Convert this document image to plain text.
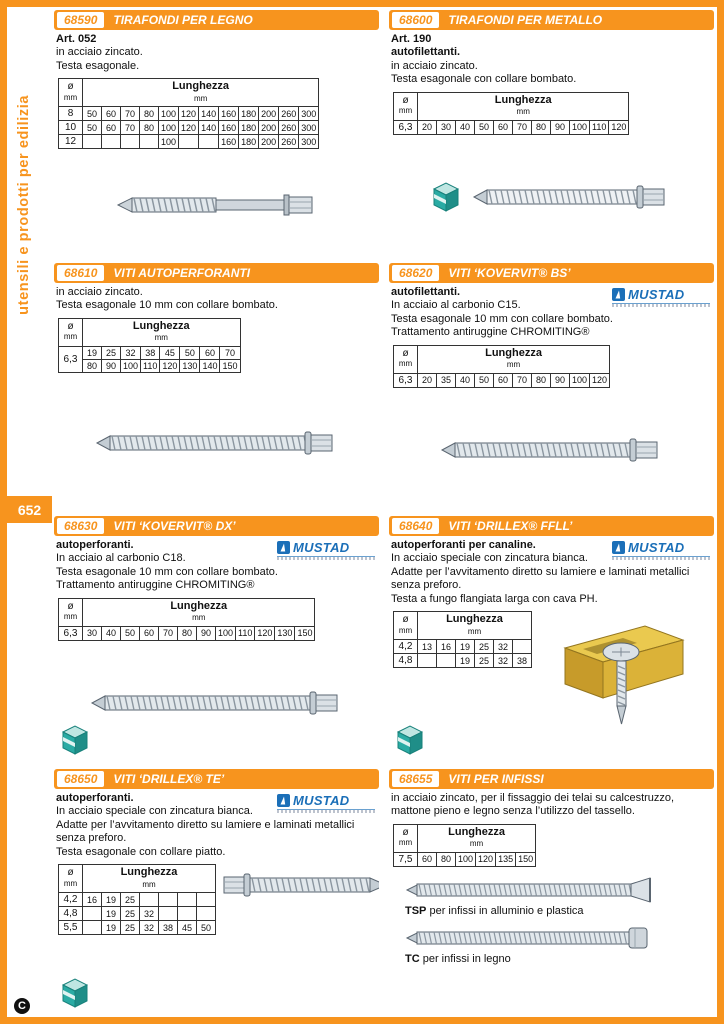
utensili e prodotti per edilizia
652
C
68590	TIRAFONDI PER LEGNO
Art. 052
in acciaio zincato.
Testa esagonale.
ø
mm	Lunghezza
mm											
8	50	60	70	80	100	120	140	160	180	200	260	300
10	50	60	70	80	100	120	140	160	180	200	260	300
12					100			160	180	200	260	300
68600	TIRAFONDI PER METALLO
Art. 190
autofilettanti.
in acciaio zincato.
Testa esagonale con collare bombato.
ø
mm	Lunghezza
mm										
6,3	20	30	40	50	60	70	80	90	100	110	120
68610	VITI AUTOPERFORANTI
in acciaio zincato.
Testa esagonale 10 mm con collare bombato.
ø
mm	Lunghezza
mm							
6,3	19	25	32	38	45	50	60	70
	80	90	100	110	120	130	140	150
68620	VITI ‘KOVERVIT® BS’
autofilettanti.
In acciaio al carbonio C15.
Testa esagonale 10 mm con collare bombato.
Trattamento antiruggine CHROMITING®
MUSTAD
ø
mm	Lunghezza
mm									
6,3	20	35	40	50	60	70	80	90	100	120
68630	VITI ‘KOVERVIT® DX’
autoperforanti.
In acciaio al carbonio C18.
Testa esagonale 10 mm con collare bombato.
Trattamento antiruggine CHROMITING®
MUSTAD
ø
mm	Lunghezza
mm											
6,3	30	40	50	60	70	80	90	100	110	120	130	150
68640	VITI ‘DRILLEX® FFLL’
autoperforanti per canaline.
In acciaio speciale con zincatura bianca.
Adatte per l’avvitamento diretto su lamiere e laminati metallici senza preforo.
Testa a fungo flangiata larga con cava PH.
MUSTAD
ø
mm	Lunghezza
mm					
4,2	13	16	19	25	32	
4,8			19	25	32	38
68650	VITI ‘DRILLEX® TE’
autoperforanti.
In acciaio speciale con zincatura bianca.
Adatte per l’avvitamento diretto su lamiere e laminati metallici senza preforo.
Testa esagonale con collare piatto.
MUSTAD
ø
mm	Lunghezza
mm						
4,2	16	19	25				
4,8		19	25	32			
5,5		19	25	32	38	45	50
68655	VITI PER INFISSI
in acciaio zincato, per il fissaggio dei telai su calcestruzzo, mattone pieno e legno senza l’utilizzo del tassello.
ø
mm	Lunghezza
mm					
7,5	60	80	100	120	135	150
TSP per infissi in alluminio e plastica
TC per infissi in legno
